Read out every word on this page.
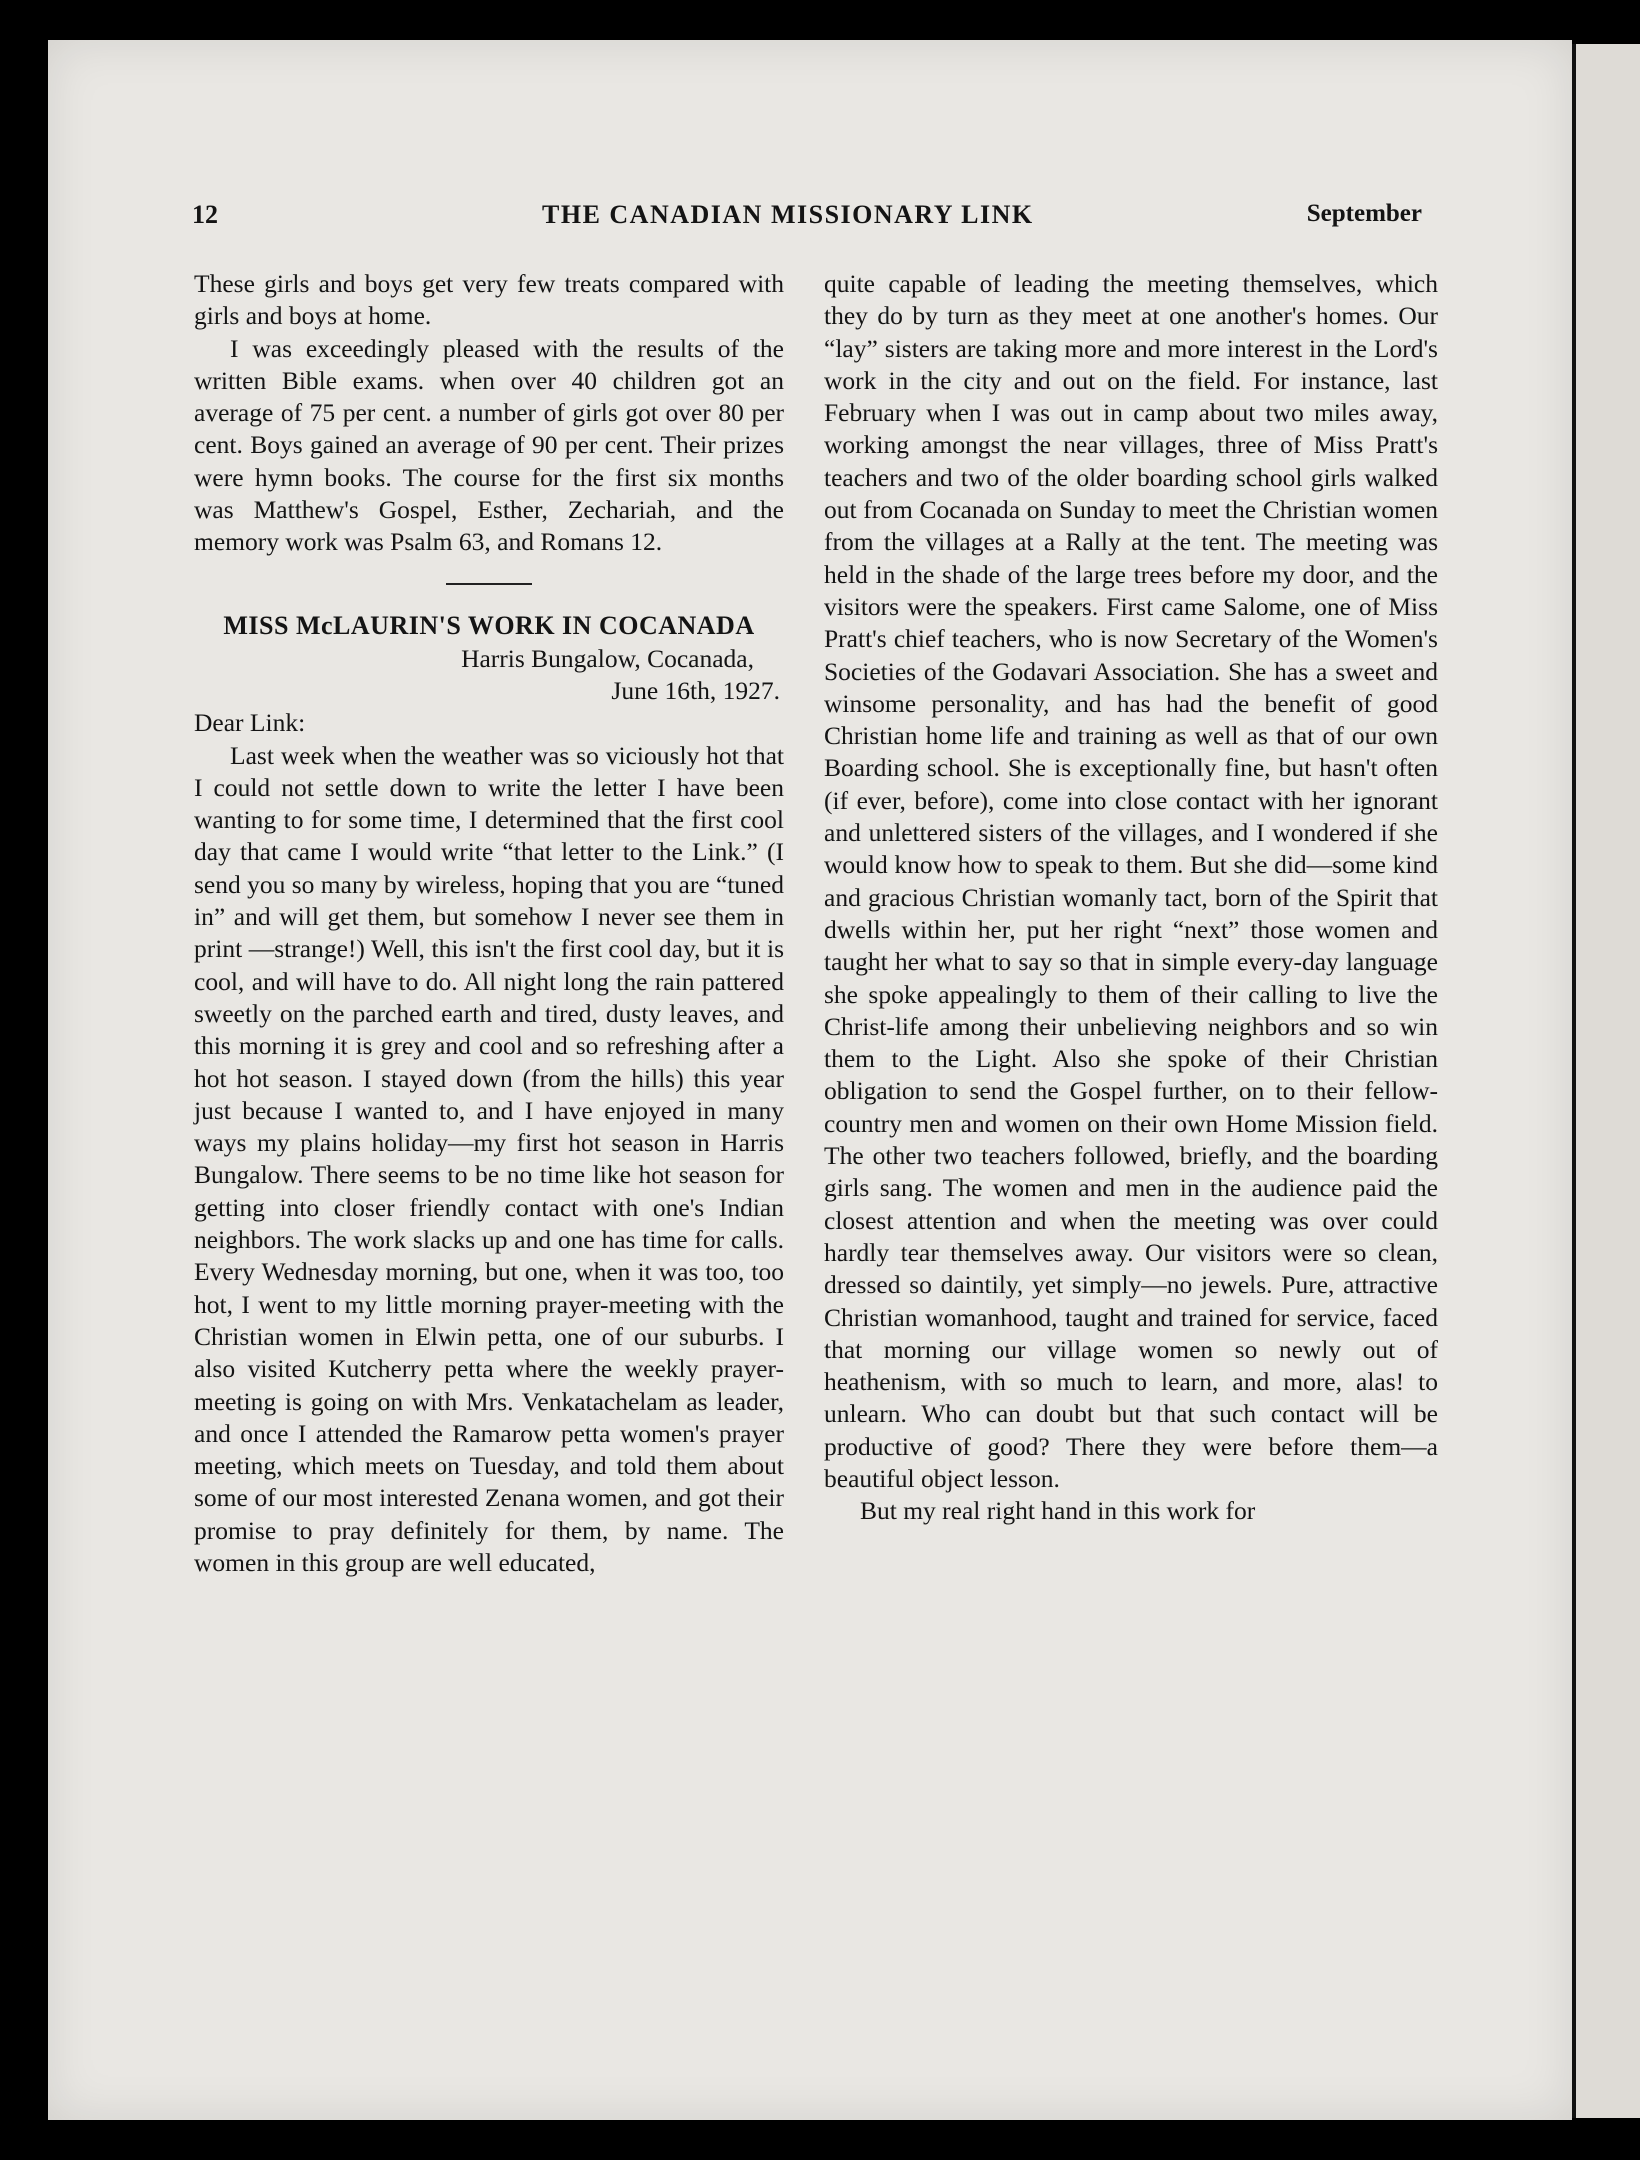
12	THE CANADIAN MISSIONARY LINK	September

These girls and boys get very few treats compared with girls and boys at home.

I was exceedingly pleased with the results of the written Bible exams. when over 40 children got an average of 75 per cent. a number of girls got over 80 per cent. Boys gained an average of 90 per cent. Their prizes were hymn books. The course for the first six months was Matthew's Gospel, Esther, Zechariah, and the memory work was Psalm 63, and Romans 12.

MISS McLAURIN'S WORK IN COCANADA

Harris Bungalow, Cocanada,

June 16th, 1927.

Dear Link:

Last week when the weather was so viciously hot that I could not settle down to write the letter I have been wanting to for some time, I determined that the first cool day that came I would write “that letter to the Link.” (I send you so many by wireless, hoping that you are “tuned in” and will get them, but somehow I never see them in print —strange!) Well, this isn't the first cool day, but it is cool, and will have to do. All night long the rain pattered sweetly on the parched earth and tired, dusty leaves, and this morning it is grey and cool and so refreshing after a hot hot season. I stayed down (from the hills) this year just because I wanted to, and I have enjoyed in many ways my plains holiday—my first hot season in Harris Bungalow. There seems to be no time like hot season for getting into closer friendly contact with one's Indian neighbors. The work slacks up and one has time for calls. Every Wednesday morning, but one, when it was too, too hot, I went to my little morning prayer-meeting with the Christian women in Elwin petta, one of our suburbs. I also visited Kutcherry petta where the weekly prayer-meeting is going on with Mrs. Venkatachelam as leader, and once I attended the Ramarow petta women's prayer meeting, which meets on Tuesday, and told them about some of our most interested Zenana women, and got their promise to pray definitely for them, by name. The women in this group are well educated,

quite capable of leading the meeting themselves, which they do by turn as they meet at one another's homes. Our “lay” sisters are taking more and more interest in the Lord's work in the city and out on the field. For instance, last February when I was out in camp about two miles away, working amongst the near villages, three of Miss Pratt's teachers and two of the older boarding school girls walked out from Cocanada on Sunday to meet the Christian women from the villages at a Rally at the tent. The meeting was held in the shade of the large trees before my door, and the visitors were the speakers. First came Salome, one of Miss Pratt's chief teachers, who is now Secretary of the Women's Societies of the Godavari Association. She has a sweet and winsome personality, and has had the benefit of good Christian home life and training as well as that of our own Boarding school. She is exceptionally fine, but hasn't often (if ever, before), come into close contact with her ignorant and unlettered sisters of the villages, and I wondered if she would know how to speak to them. But she did—some kind and gracious Christian womanly tact, born of the Spirit that dwells within her, put her right “next” those women and taught her what to say so that in simple every-day language she spoke appealingly to them of their calling to live the Christ-life among their unbelieving neighbors and so win them to the Light. Also she spoke of their Christian obligation to send the Gospel further, on to their fellow-country men and women on their own Home Mission field. The other two teachers followed, briefly, and the boarding girls sang. The women and men in the audience paid the closest attention and when the meeting was over could hardly tear themselves away. Our visitors were so clean, dressed so daintily, yet simply—no jewels. Pure, attractive Christian womanhood, taught and trained for service, faced that morning our village women so newly out of heathenism, with so much to learn, and more, alas! to unlearn. Who can doubt but that such contact will be productive of good? There they were before them—a beautiful object lesson.

But my real right hand in this work for
